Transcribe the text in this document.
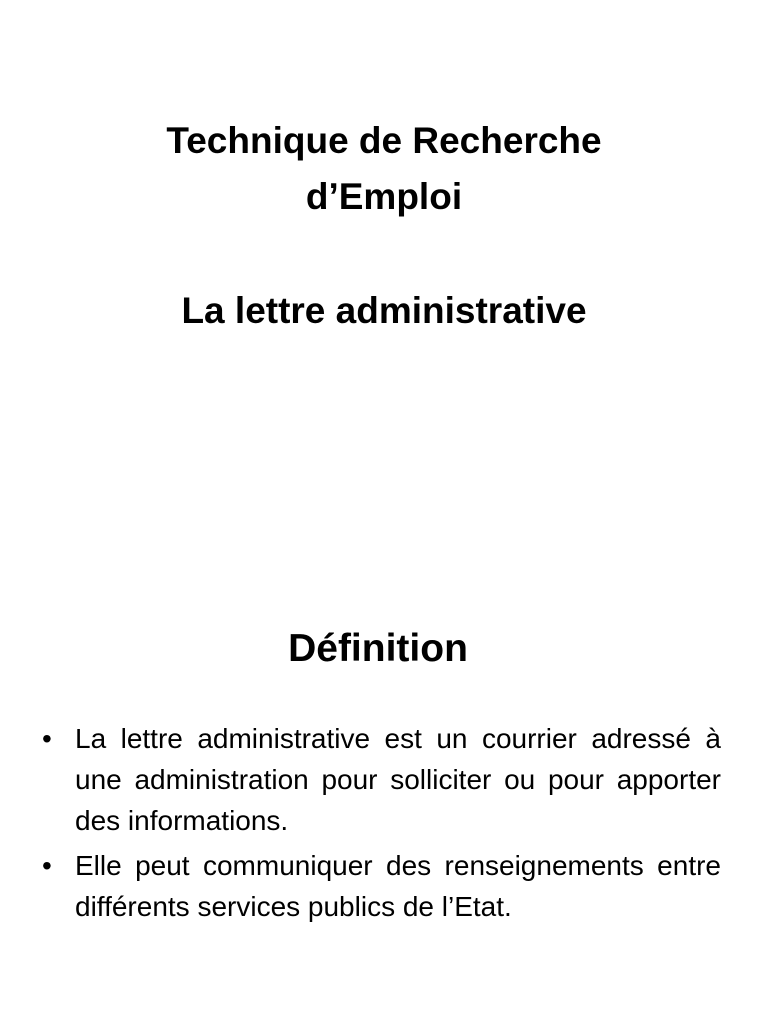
Technique de Recherche
d’Emploi
La lettre administrative
Définition
• La lettre administrative est un courrier adressé à une administration pour solliciter ou pour apporter des informations.
• Elle peut communiquer des renseignements entre différents services publics de l’Etat.
